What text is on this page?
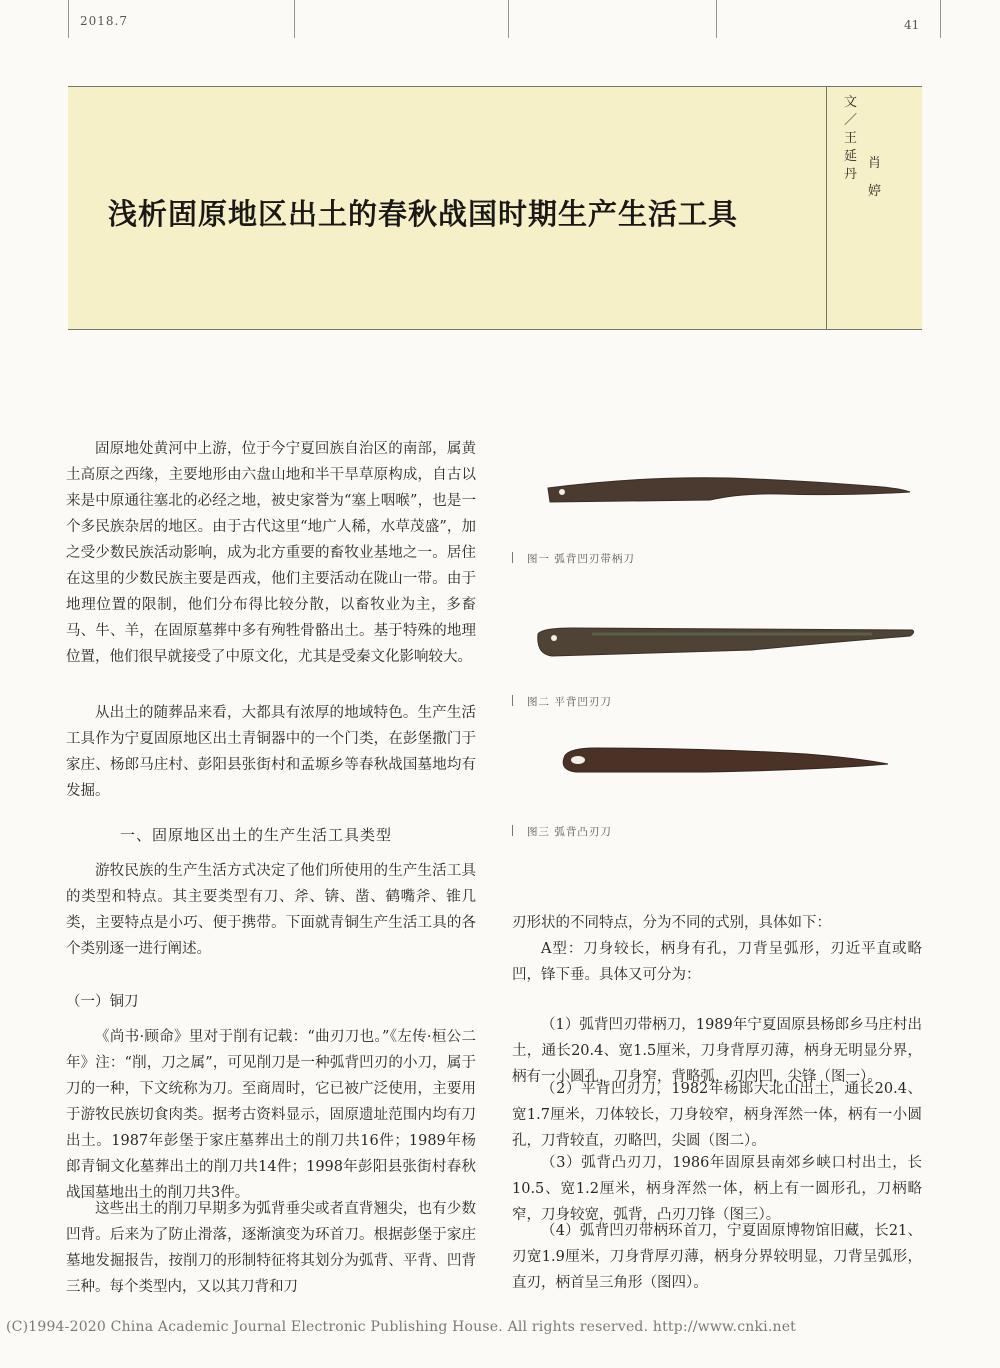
2018.7	41
浅析固原地区出土的春秋战国时期生产生活工具
文／王延丹
肖婷

固原地处黄河中上游，位于今宁夏回族自治区的南部，属黄土高原之西缘，主要地形由六盘山地和半干旱草原构成，自古以来是中原通往塞北的必经之地，被史家誉为“塞上咽喉”，也是一个多民族杂居的地区。由于古代这里“地广人稀，水草茂盛”，加之受少数民族活动影响，成为北方重要的畜牧业基地之一。居住在这里的少数民族主要是西戎，他们主要活动在陇山一带。由于地理位置的限制，他们分布得比较分散，以畜牧业为主，多畜马、牛、羊，在固原墓葬中多有殉牲骨骼出土。基于特殊的地理位置，他们很早就接受了中原文化，尤其是受秦文化影响较大。

从出土的随葬品来看，大都具有浓厚的地域特色。生产生活工具作为宁夏固原地区出土青铜器中的一个门类，在彭堡撒门于家庄、杨郎马庄村、彭阳县张街村和孟塬乡等春秋战国墓地均有发掘。

一、固原地区出土的生产生活工具类型

游牧民族的生产生活方式决定了他们所使用的生产生活工具的类型和特点。其主要类型有刀、斧、锛、凿、鹤嘴斧、锥几类，主要特点是小巧、便于携带。下面就青铜生产生活工具的各个类别逐一进行阐述。

（一）铜刀

《尚书·顾命》里对于削有记载：“曲刃刀也。”《左传·桓公二年》注：“削，刀之属”，可见削刀是一种弧背凹刃的小刀，属于刀的一种，下文统称为刀。至商周时，它已被广泛使用，主要用于游牧民族切食肉类。据考古资料显示，固原遗址范围内均有刀出土。1987年彭堡于家庄墓葬出土的削刀共16件；1989年杨郎青铜文化墓葬出土的削刀共14件；1998年彭阳县张街村春秋战国墓地出土的削刀共3件。

这些出土的削刀早期多为弧背垂尖或者直背翘尖，也有少数凹背。后来为了防止滑落，逐渐演变为环首刀。根据彭堡于家庄墓地发掘报告，按削刀的形制特征将其划分为弧背、平背、凹背三种。每个类型内，又以其刀背和刀

图一 弧背凹刃带柄刀
图二 平背凹刃刀
图三 弧背凸刃刀

刃形状的不同特点，分为不同的式别，具体如下：

A型：刀身较长，柄身有孔，刀背呈弧形，刃近平直或略凹，锋下垂。具体又可分为：

（1）弧背凹刃带柄刀，1989年宁夏固原县杨郎乡马庄村出土，通长20.4、宽1.5厘米，刀身背厚刃薄，柄身无明显分界，柄有一小圆孔，刀身窄，背略弧，刃内凹，尖锋（图一）。

（2）平背凹刃刀，1982年杨郎大北山出土，通长20.4、宽1.7厘米，刀体较长，刀身较窄，柄身浑然一体，柄有一小圆孔，刀背较直，刃略凹，尖圆（图二）。

（3）弧背凸刃刀，1986年固原县南郊乡峡口村出土，长10.5、宽1.2厘米，柄身浑然一体，柄上有一圆形孔，刀柄略窄，刀身较宽，弧背，凸刃刀锋（图三）。

（4）弧背凹刃带柄环首刀，宁夏固原博物馆旧藏，长21、刃宽1.9厘米，刀身背厚刃薄，柄身分界较明显，刀背呈弧形，直刃，柄首呈三角形（图四）。

(C)1994-2020 China Academic Journal Electronic Publishing House. All rights reserved. http://www.cnki.net
